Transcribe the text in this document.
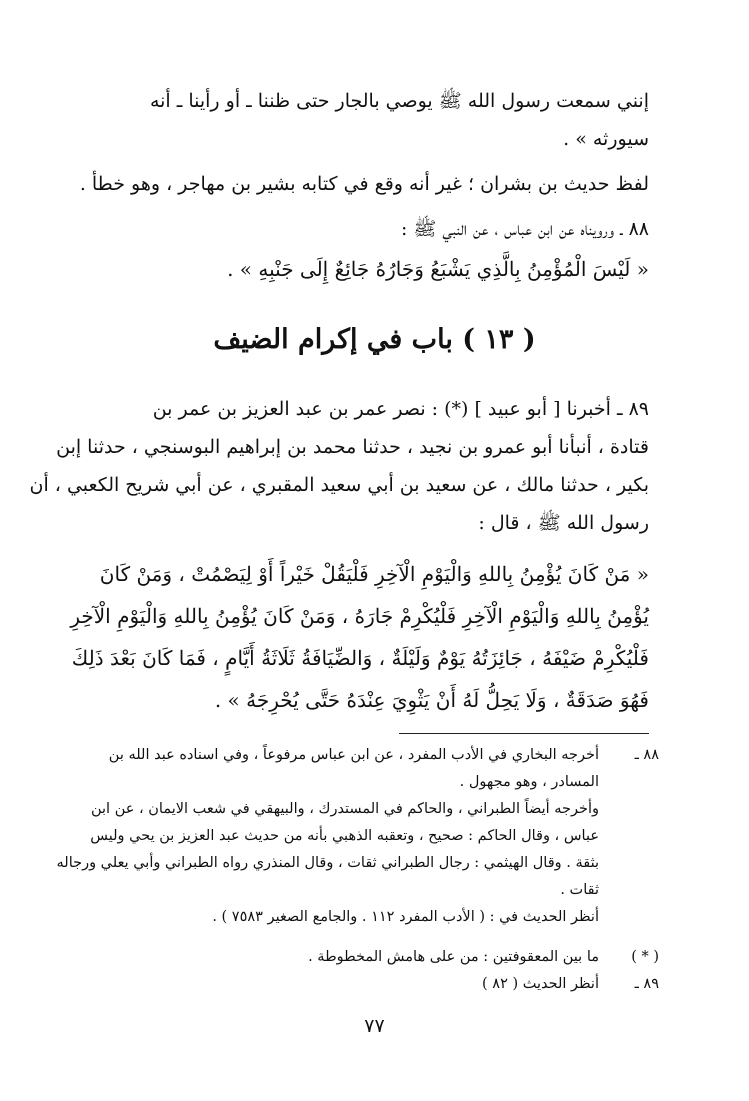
إنني سمعت رسول الله ﷺ يوصي بالجار حتى ظننا ـ أو رأينا ـ أنه
سيورثه » .
لفظ حديث بن بشران ؛ غير أنه وقع في كتابه بشير بن مهاجر ، وهو خطأ .
٨٨ ـ ورويناه عن ابن عباس ، عن النبي ﷺ :
« لَيْسَ الْمُؤْمِنُ بِالَّذِي يَشْبَعُ وَجَارُهُ جَائِعٌ إِلَى جَنْبِهِ » .
( ١٣ ) باب في إكرام الضيف
٨٩ ـ أخبرنا [ أبو عبيد ] (*) : نصر عمر بن عبد العزيز بن عمر بن
قتادة ، أنبأنا أبو عمرو بن نجيد ، حدثنا محمد بن إبراهيم البوسنجي ، حدثنا إبن
بكير ، حدثنا مالك ، عن سعيد بن أبي سعيد المقبري ، عن أبي شريح الكعبي ، أن
رسول الله ﷺ ، قال :
« مَنْ كَانَ يُؤْمِنُ بِاللهِ وَالْيَوْمِ الْآخِرِ فَلْيَقُلْ خَيْراً أَوْ لِيَصْمُتْ ، وَمَنْ كَانَ
يُؤْمِنُ بِاللهِ وَالْيَوْمِ الْآخِرِ فَلْيُكْرِمْ جَارَهُ ، وَمَنْ كَانَ يُؤْمِنُ بِاللهِ وَالْيَوْمِ الْآخِرِ
فَلْيُكْرِمْ ضَيْفَهُ ، جَائِزَتُهُ يَوْمٌ وَلَيْلَةٌ ، وَالضِّيَافَةُ ثَلَاثَةُ أَيَّامٍ ، فَمَا كَانَ بَعْدَ ذَلِكَ
فَهُوَ صَدَقَةٌ ، وَلَا يَحِلُّ لَهُ أَنْ يَثْوِيَ عِنْدَهُ حَتَّى يُحْرِجَهُ » .
٨٨ ـ
أخرجه البخاري في الأدب المفرد ، عن ابن عباس مرفوعاً ، وفي اسناده عبد الله بن
المسادر ، وهو مجهول .
وأخرجه أيضاً الطبراني ، والحاكم في المستدرك ، والبيهقي في شعب الايمان ، عن ابن
عباس ، وقال الحاكم : صحيح ، وتعقبه الذهبي بأنه من حديث عبد العزيز بن يحي وليس
بثقة . وقال الهيثمي : رجال الطبراني ثقات ، وقال المنذري رواه الطبراني وأبي يعلي ورجاله
ثقات .
أنظر الحديث في : ( الأدب المفرد ١١٢ . والجامع الصغير ٧٥٨٣ ) .
( * )
ما بين المعقوفتين : من على هامش المخطوطة .
٨٩ ـ
أنظر الحديث ( ٨٢ )
٧٧
